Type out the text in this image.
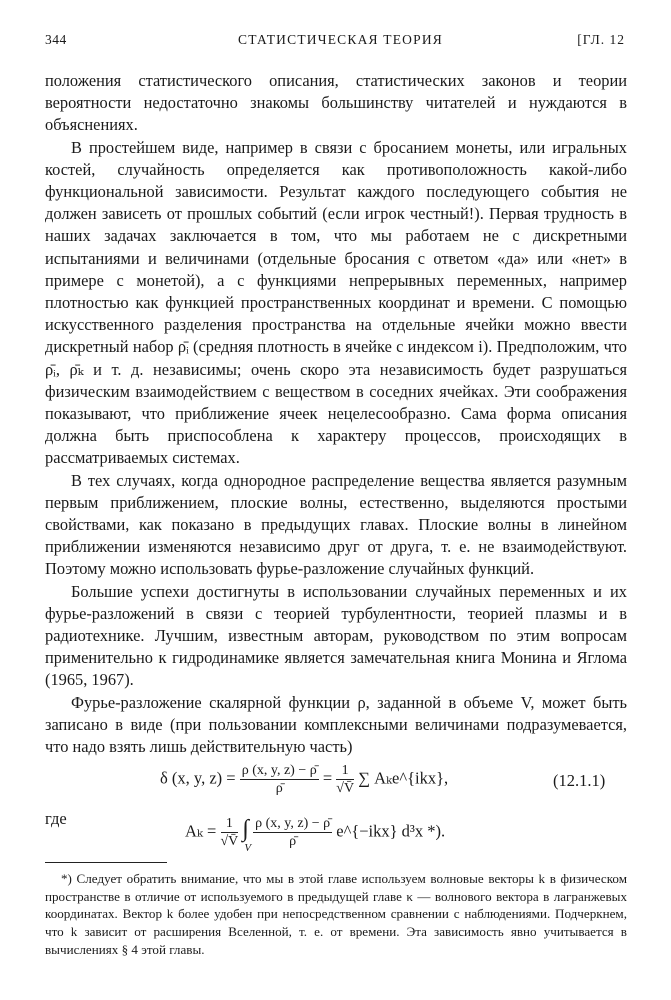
344	СТАТИСТИЧЕСКАЯ ТЕОРИЯ	[ГЛ. 12

положения статистического описания, статистических законов и теории вероятности недостаточно знакомы большинству читателей и нуждаются в объяснениях.

В простейшем виде, например в связи с бросанием монеты, или игральных костей, случайность определяется как противоположность какой-либо функциональной зависимости. Результат каждого последующего события не должен зависеть от прошлых событий (если игрок честный!). Первая трудность в наших задачах заключается в том, что мы работаем не с дискретными испытаниями и величинами (отдельные бросания с ответом «да» или «нет» в примере с монетой), а с функциями непрерывных переменных, например плотностью как функцией пространственных координат и времени. С помощью искусственного разделения пространства на отдельные ячейки можно ввести дискретный набор ρ̄ᵢ (средняя плотность в ячейке с индексом i). Предположим, что ρ̄ᵢ, ρ̄ₖ и т. д. независимы; очень скоро эта независимость будет разрушаться физическим взаимодействием с веществом в соседних ячейках. Эти соображения показывают, что приближение ячеек нецелесообразно. Сама форма описания должна быть приспособлена к характеру процессов, происходящих в рассматриваемых системах.

В тех случаях, когда однородное распределение вещества является разумным первым приближением, плоские волны, естественно, выделяются простыми свойствами, как показано в предыдущих главах. Плоские волны в линейном приближении изменяются независимо друг от друга, т. е. не взаимодействуют. Поэтому можно использовать фурье-разложение случайных функций.

Большие успехи достигнуты в использовании случайных переменных и их фурье-разложений в связи с теорией турбулентности, теорией плазмы и в радиотехнике. Лучшим, известным авторам, руководством по этим вопросам применительно к гидродинамике является замечательная книга Монина и Яглома (1965, 1967).

Фурье-разложение скалярной функции ρ, заданной в объеме V, может быть записано в виде (при пользовании комплексными величинами подразумевается, что надо взять лишь действительную часть)

δ (x, y, $z) = \frac{\rho (x, y, z) - \rhō}{\rhō} = \frac{1}{√V̄}$ ∑ Aₖe^{ikx},	(12.1.1)
где
$A_k = \frac{1}{√V̄}$ ∫
V
$\frac{\rho (x, y, z) - \rhō}{\rhō}$ e^{−ikx} d³x *).

*) Следует обратить внимание, что мы в этой главе используем волновые векторы k в физическом пространстве в отличие от используемого в предыдущей главе κ — волнового вектора в лагранжевых координатах. Вектор k более удобен при непосредственном сравнении с наблюдениями. Подчеркнем, что k зависит от расширения Вселенной, т. е. от времени. Эта зависимость явно учитывается в вычислениях § 4 этой главы.
